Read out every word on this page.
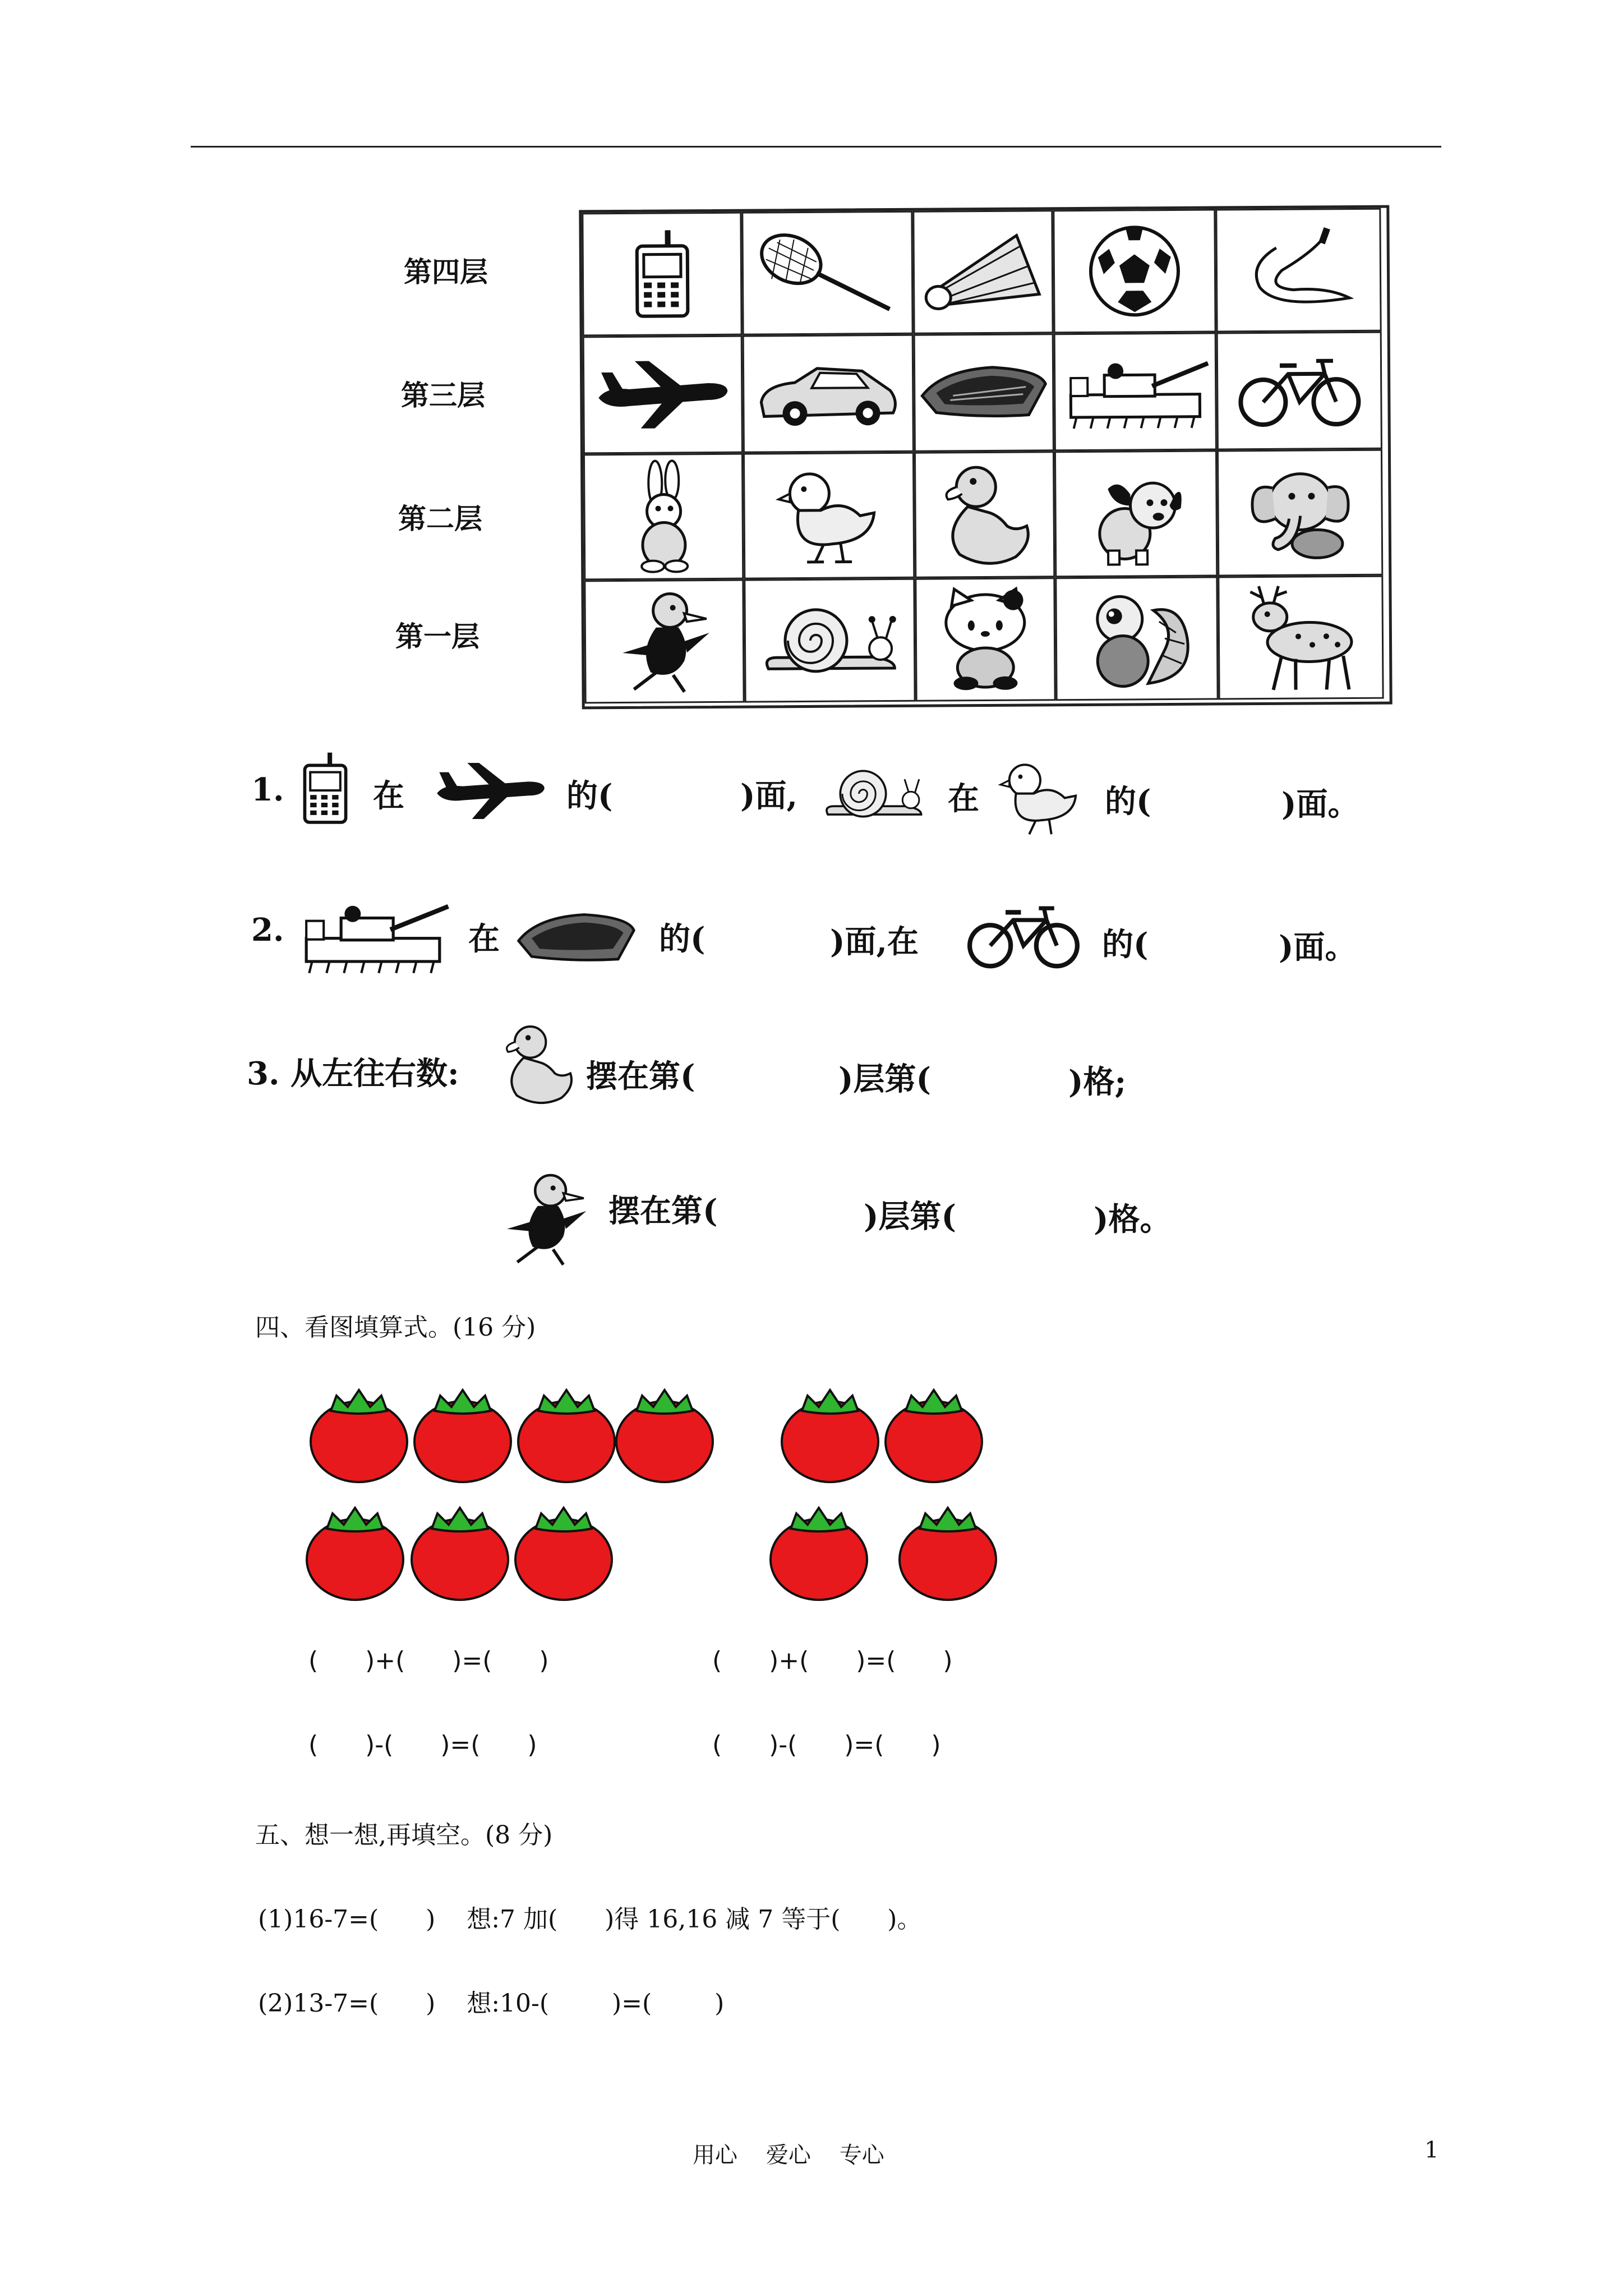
第四层
第三层
第二层
第一层
1.	在	的(	)面,	在	的(	)面。
2.	在	的(	)面,在	的(	)面。
3. 从左往右数:	摆在第(	)层第(	)格;
摆在第(	)层第(	)格。
四、看图填算式。(16 分)
(      )+(      )=(      )	(      )+(      )=(      )
(      )-(      )=(      )	(      )-(      )=(      )
五、想一想,再填空。(8 分)
(1)16-7=(      )    想:7 加(      )得 16,16 减 7 等于(      )。
(2)13-7=(      )    想:10-(        )=(        )
用心    爱心    专心	1
